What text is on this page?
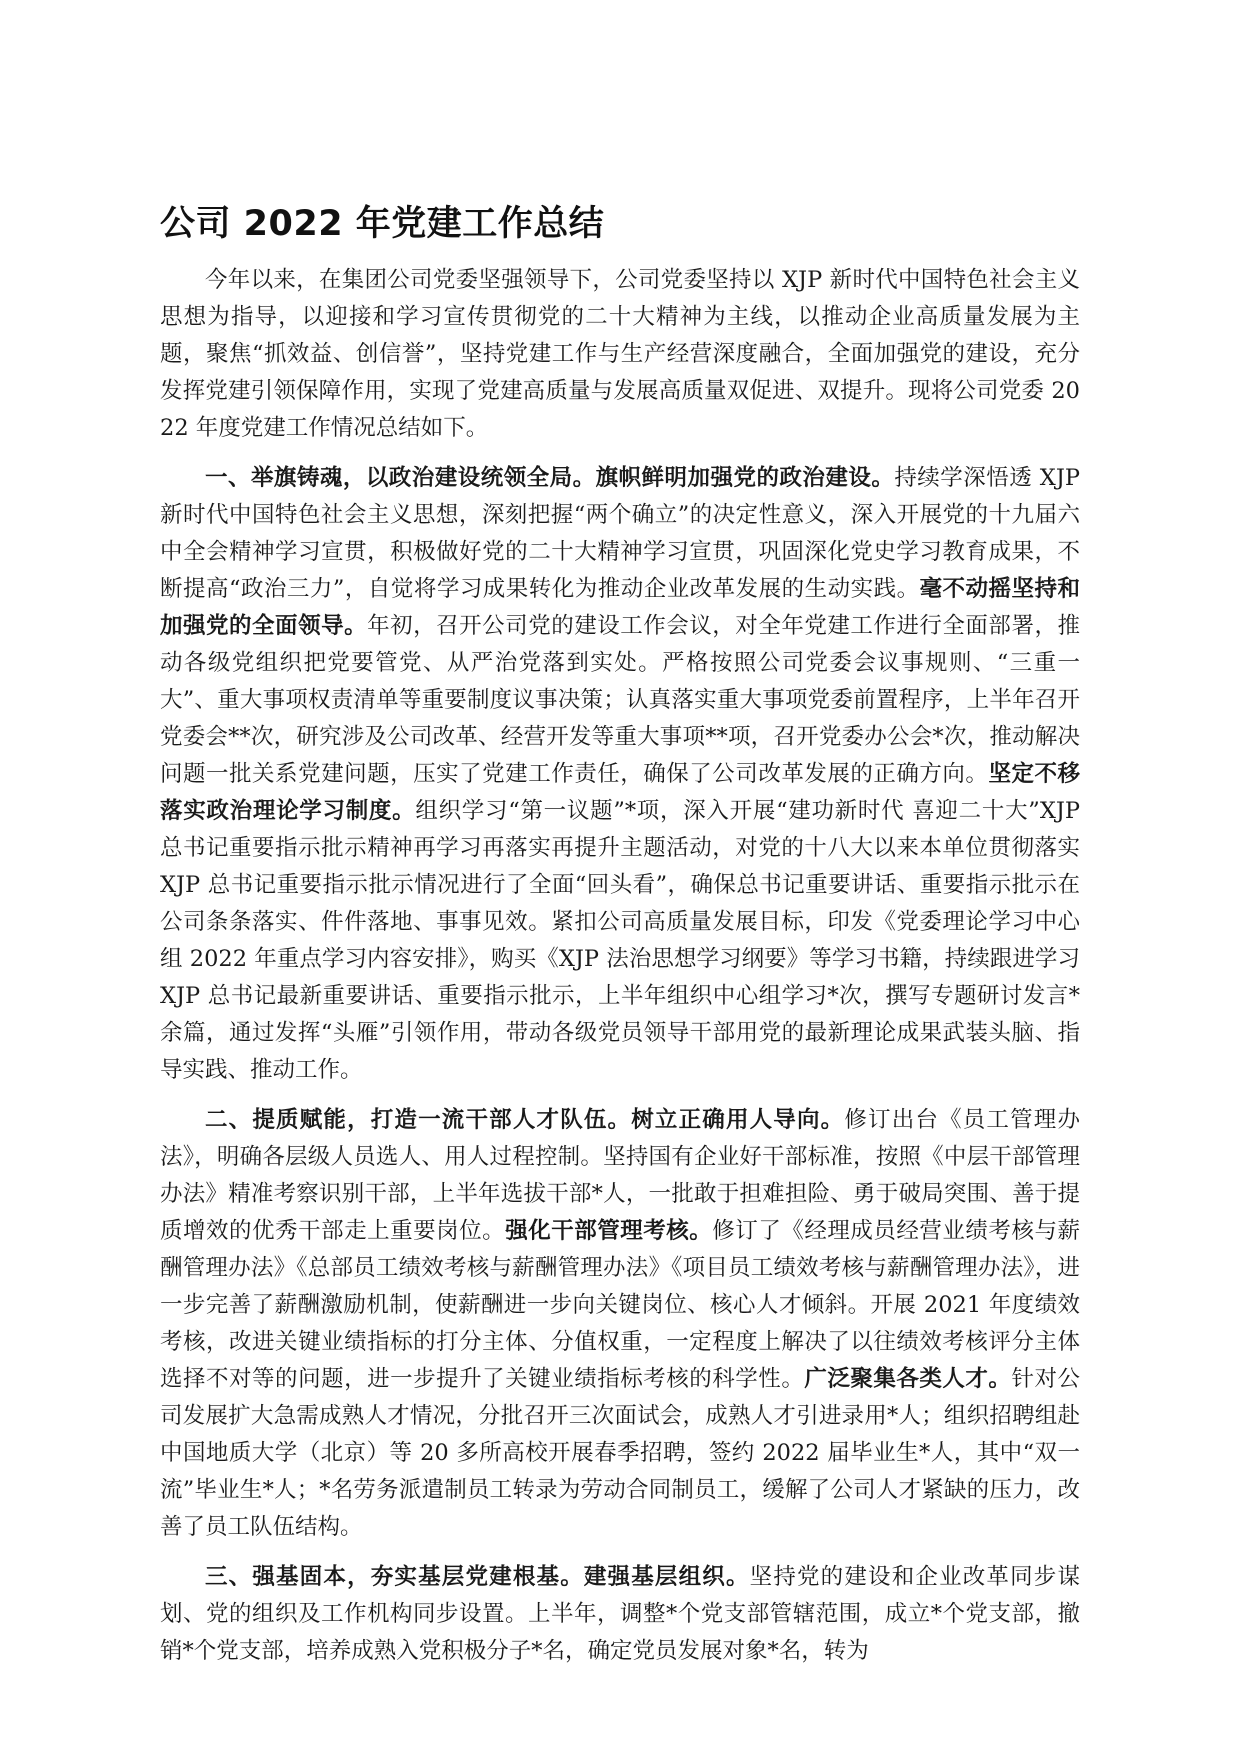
公司 2022 年党建工作总结

今年以来，在集团公司党委坚强领导下，公司党委坚持以 XJP 新时代中国特色社会主义思想为指导，以迎接和学习宣传贯彻党的二十大精神为主线，以推动企业高质量发展为主题，聚焦“抓效益、创信誉”，坚持党建工作与生产经营深度融合，全面加强党的建设，充分发挥党建引领保障作用，实现了党建高质量与发展高质量双促进、双提升。现将公司党委 2022 年度党建工作情况总结如下。

一、举旗铸魂，以政治建设统领全局。旗帜鲜明加强党的政治建设。持续学深悟透 XJP 新时代中国特色社会主义思想，深刻把握“两个确立”的决定性意义，深入开展党的十九届六中全会精神学习宣贯，积极做好党的二十大精神学习宣贯，巩固深化党史学习教育成果，不断提高“政治三力”，自觉将学习成果转化为推动企业改革发展的生动实践。毫不动摇坚持和加强党的全面领导。年初，召开公司党的建设工作会议，对全年党建工作进行全面部署，推动各级党组织把党要管党、从严治党落到实处。严格按照公司党委会议事规则、“三重一大”、重大事项权责清单等重要制度议事决策；认真落实重大事项党委前置程序，上半年召开党委会**次，研究涉及公司改革、经营开发等重大事项**项，召开党委办公会*次，推动解决问题一批关系党建问题，压实了党建工作责任，确保了公司改革发展的正确方向。坚定不移落实政治理论学习制度。组织学习“第一议题”*项，深入开展“建功新时代 喜迎二十大”XJP 总书记重要指示批示精神再学习再落实再提升主题活动，对党的十八大以来本单位贯彻落实 XJP 总书记重要指示批示情况进行了全面“回头看”，确保总书记重要讲话、重要指示批示在公司条条落实、件件落地、事事见效。紧扣公司高质量发展目标，印发《党委理论学习中心组 2022 年重点学习内容安排》，购买《XJP 法治思想学习纲要》等学习书籍，持续跟进学习 XJP 总书记最新重要讲话、重要指示批示，上半年组织中心组学习*次，撰写专题研讨发言*余篇，通过发挥“头雁”引领作用，带动各级党员领导干部用党的最新理论成果武装头脑、指导实践、推动工作。

二、提质赋能，打造一流干部人才队伍。树立正确用人导向。修订出台《员工管理办法》，明确各层级人员选人、用人过程控制。坚持国有企业好干部标准，按照《中层干部管理办法》精准考察识别干部，上半年选拔干部*人，一批敢于担难担险、勇于破局突围、善于提质增效的优秀干部走上重要岗位。强化干部管理考核。修订了《经理成员经营业绩考核与薪酬管理办法》《总部员工绩效考核与薪酬管理办法》《项目员工绩效考核与薪酬管理办法》，进一步完善了薪酬激励机制，使薪酬进一步向关键岗位、核心人才倾斜。开展 2021 年度绩效考核，改进关键业绩指标的打分主体、分值权重，一定程度上解决了以往绩效考核评分主体选择不对等的问题，进一步提升了关键业绩指标考核的科学性。广泛聚集各类人才。针对公司发展扩大急需成熟人才情况，分批召开三次面试会，成熟人才引进录用*人；组织招聘组赴中国地质大学（北京）等 20 多所高校开展春季招聘，签约 2022 届毕业生*人，其中“双一流”毕业生*人；*名劳务派遣制员工转录为劳动合同制员工，缓解了公司人才紧缺的压力，改善了员工队伍结构。

三、强基固本，夯实基层党建根基。建强基层组织。坚持党的建设和企业改革同步谋划、党的组织及工作机构同步设置。上半年，调整*个党支部管辖范围，成立*个党支部，撤销*个党支部，培养成熟入党积极分子*名，确定党员发展对象*名，转为
